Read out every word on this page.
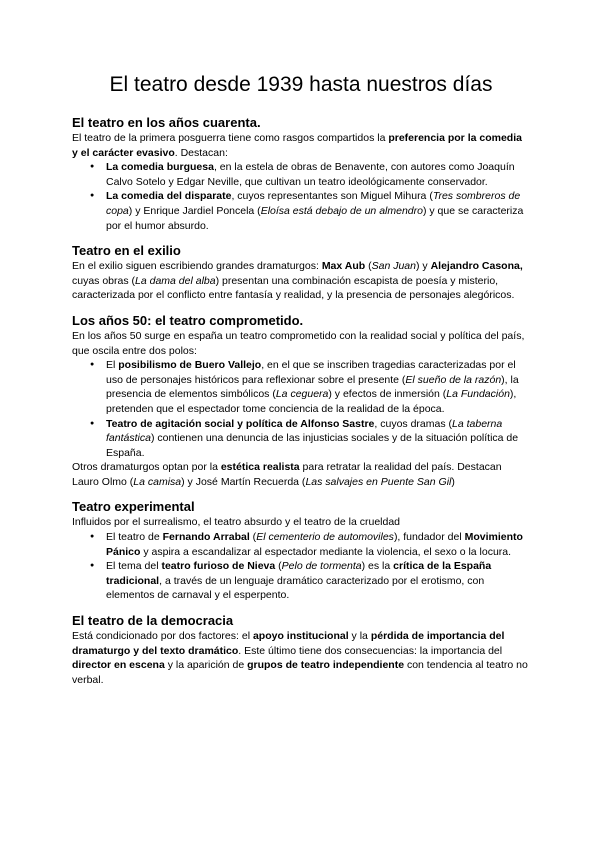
El teatro desde 1939 hasta nuestros días
El teatro en los años cuarenta.

El teatro de la primera posguerra tiene como rasgos compartidos la preferencia por la comedia y el carácter evasivo. Destacan:

● La comedia burguesa, en la estela de obras de Benavente, con autores como Joaquín Calvo Sotelo y Edgar Neville, que cultivan un teatro ideológicamente conservador.
● La comedia del disparate, cuyos representantes son Miguel Mihura (Tres sombreros de copa) y Enrique Jardiel Poncela (Eloísa está debajo de un almendro) y que se caracteriza por el humor absurdo.
Teatro en el exilio

En el exilio siguen escribiendo grandes dramaturgos: Max Aub (San Juan) y Alejandro Casona, cuyas obras (La dama del alba) presentan una combinación escapista de poesía y misterio, caracterizada por el conflicto entre fantasía y realidad, y la presencia de personajes alegóricos.

Los años 50: el teatro comprometido.

En los años 50 surge en españa un teatro comprometido con la realidad social y política del país, que oscila entre dos polos:

● El posibilismo de Buero Vallejo, en el que se inscriben tragedias caracterizadas por el uso de personajes históricos para reflexionar sobre el presente (El sueño de la razón), la presencia de elementos simbólicos (La ceguera) y efectos de inmersión (La Fundación), pretenden que el espectador tome conciencia de la realidad de la época.
● Teatro de agitación social y política de Alfonso Sastre, cuyos dramas (La taberna fantástica) contienen una denuncia de las injusticias sociales y de la situación política de España.

Otros dramaturgos optan por la estética realista para retratar la realidad del país. Destacan Lauro Olmo (La camisa) y José Martín Recuerda (Las salvajes en Puente San Gil)

Teatro experimental

Influidos por el surrealismo, el teatro absurdo y el teatro de la crueldad

● El teatro de Fernando Arrabal (El cementerio de automoviles), fundador del Movimiento Pánico y aspira a escandalizar al espectador mediante la violencia, el sexo o la locura.
● El tema del teatro furioso de Nieva (Pelo de tormenta) es la crítica de la España tradicional, a través de un lenguaje dramático caracterizado por el erotismo, con elementos de carnaval y el esperpento.
El teatro de la democracia

Está condicionado por dos factores: el apoyo institucional y la pérdida de importancia del dramaturgo y del texto dramático. Este último tiene dos consecuencias: la importancia del director en escena y la aparición de grupos de teatro independiente con tendencia al teatro no verbal.
